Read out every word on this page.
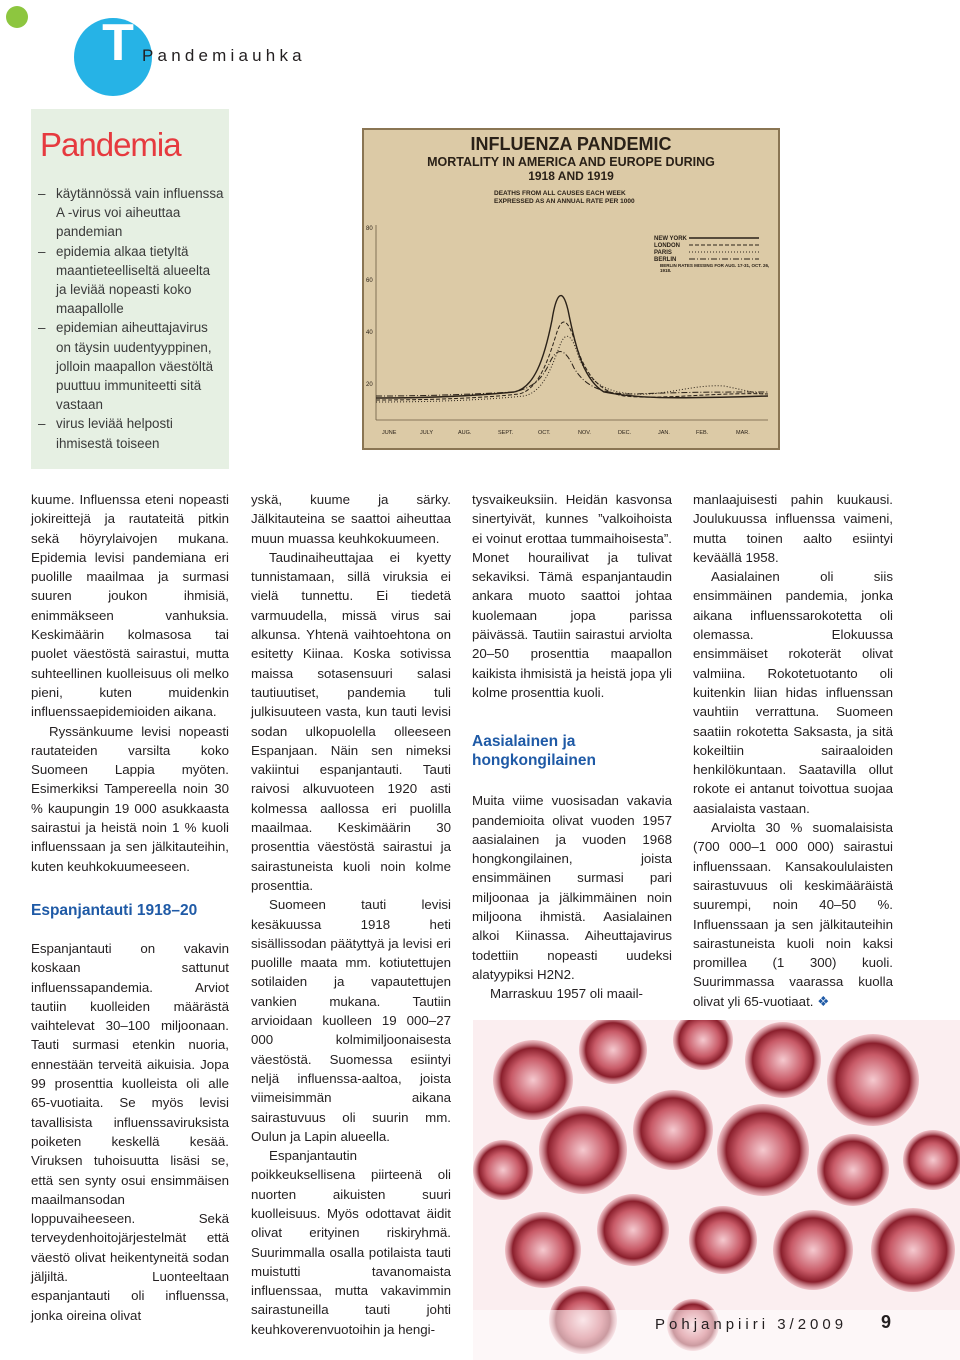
T Pandemiauhka
Pandemia
– käytännössä vain influenssa A -virus voi aiheuttaa pandemian
– epidemia alkaa tietyltä maantieteelliseltä alueelta ja leviää nopeasti koko maapallolle
– epidemian aiheuttajavirus on täysin uudentyyppinen, jolloin maapallon väestöltä puuttuu immuniteetti sitä vastaan
– virus leviää helposti ihmisestä toiseen
INFLUENZA PANDEMIC
MORTALITY IN AMERICA AND EUROPE DURING
1918 AND 1919
DEATHS FROM ALL CAUSES EACH WEEK EXPRESSED AS AN ANNUAL RATE PER 1000
NEW YORK
LONDON
PARIS
BERLIN
BERLIN RATES MISSING FOR AUG. 17-31, OCT. 26, 1918.
80
60
40
20
JUNE	JULY	AUG.	SEPT.	OCT.	NOV.	DEC.	JAN.	FEB.	MAR.

kuume. Influenssa eteni nopeasti jokireittejä ja rautateitä pitkin sekä höyrylaivojen mukana. Epidemia levisi pandemiana eri puolille maailmaa ja surmasi suuren joukon ihmisiä, enimmäkseen vanhuksia. Keskimäärin kolmasosa tai puolet väestöstä sairastui, mutta suhteellinen kuolleisuus oli melko pieni, kuten muidenkin influenssaepidemioiden aikana.

Ryssänkuume levisi nopeasti rautateiden varsilta koko Suomeen Lappia myöten. Esimerkiksi Tampereella noin 30 % kaupungin 19 000 asukkaasta sairastui ja heistä noin 1 % kuoli influenssaan ja sen jälkitauteihin, kuten keuhkokuumeeseen.

Espanjantauti 1918–20

Espanjantauti on vakavin koskaan sattunut influenssapandemia. Arviot tautiin kuolleiden määrästä vaihtelevat 30–100 miljoonaan. Tauti surmasi etenkin nuoria, ennestään terveitä aikuisia. Jopa 99 prosenttia kuolleista oli alle 65-vuotiaita. Se myös levisi tavallisista influenssaviruksista poiketen keskellä kesää. Viruksen tuhoisuutta lisäsi se, että sen synty osui ensimmäisen maailmansodan loppuvaiheeseen. Sekä terveydenhoitojärjestelmät että väestö olivat heikentyneitä sodan jäljiltä. Luonteeltaan espanjantauti oli influenssa, jonka oireina olivat

yskä, kuume ja särky. Jälkitauteina se saattoi aiheuttaa muun muassa keuhkokuumeen.

Taudinaiheuttajaa ei kyetty tunnistamaan, sillä viruksia ei vielä tunnettu. Ei tiedetä varmuudella, missä virus sai alkunsa. Yhtenä vaihtoehtona on esitetty Kiinaa. Koska sotivissa maissa sotasensuuri salasi tautiuutiset, pandemia tuli julkisuuteen vasta, kun tauti levisi sodan ulkopuolella olleeseen Espanjaan. Näin sen nimeksi vakiintui espanjantauti. Tauti raivosi alkuvuoteen 1920 asti kolmessa aallossa eri puolilla maailmaa. Keskimäärin 30 prosenttia väestöstä sairastui ja sairastuneista kuoli noin kolme prosenttia.

Suomeen tauti levisi kesäkuussa 1918 heti sisällissodan päätyttyä ja levisi eri puolille maata mm. kotiutettujen sotilaiden ja vapautettujen vankien mukana. Tautiin arvioidaan kuolleen 19 000–27 000 kolmimiljoonaisesta väestöstä. Suomessa esiintyi neljä influenssa-aaltoa, joista viimeisimmän aikana sairastuvuus oli suurin mm. Oulun ja Lapin alueella.

Espanjantautin poikkeuksellisena piirteenä oli nuorten aikuisten suuri kuolleisuus. Myös odottavat äidit olivat erityinen riskiryhmä. Suurimmalla osalla potilaista tauti muistutti tavanomaista influenssaa, mutta vakavimmin sairastuneilla tauti johti keuhkoverenvuotoihin ja hengi-

tysvaikeuksiin. Heidän kasvonsa sinertyivät, kunnes ”valkoihoista ei voinut erottaa tummaihoisesta”. Monet hourailivat ja tulivat sekaviksi. Tämä espanjantaudin ankara muoto saattoi johtaa kuolemaan jopa parissa päivässä. Tautiin sairastui arviolta 20–50 prosenttia maapallon kaikista ihmisistä ja heistä jopa yli kolme prosenttia kuoli.

Aasialainen ja hongkongilainen

Muita viime vuosisadan vakavia pandemioita olivat vuoden 1957 aasialainen ja vuoden 1968 hongkongilainen, joista ensimmäinen surmasi pari miljoonaa ja jälkimmäinen noin miljoona ihmistä. Aasialainen alkoi Kiinassa. Aiheuttajavirus todettiin nopeasti uudeksi alatyypiksi H2N2.

Marraskuu 1957 oli maail-

manlaajuisesti pahin kuukausi. Joulukuussa influenssa vaimeni, mutta toinen aalto esiintyi keväällä 1958.

Aasialainen oli siis ensimmäinen pandemia, jonka aikana influenssarokotetta oli olemassa. Elokuussa ensimmäiset rokoterät olivat valmiina. Rokotetuotanto oli kuitenkin liian hidas influenssan vauhtiin verrattuna. Suomeen saatiin rokotetta Saksasta, ja sitä kokeiltiin sairaaloiden henkilökuntaan. Saatavilla ollut rokote ei antanut toivottua suojaa aasialaista vastaan.

Arviolta 30 % suomalaisista (700 000–1 000 000) sairastui influenssaan. Kansakoululaisten sairastuvuus oli keskimääräistä suurempi, noin 40–50 %. Influenssaan ja sen jälkitauteihin sairastuneista kuoli noin kaksi promillea (1 300) kuoli. Suurimmassa vaarassa kuolla olivat yli 65-vuotiaat. ❖

Pohjanpiiri 3/2009 9
